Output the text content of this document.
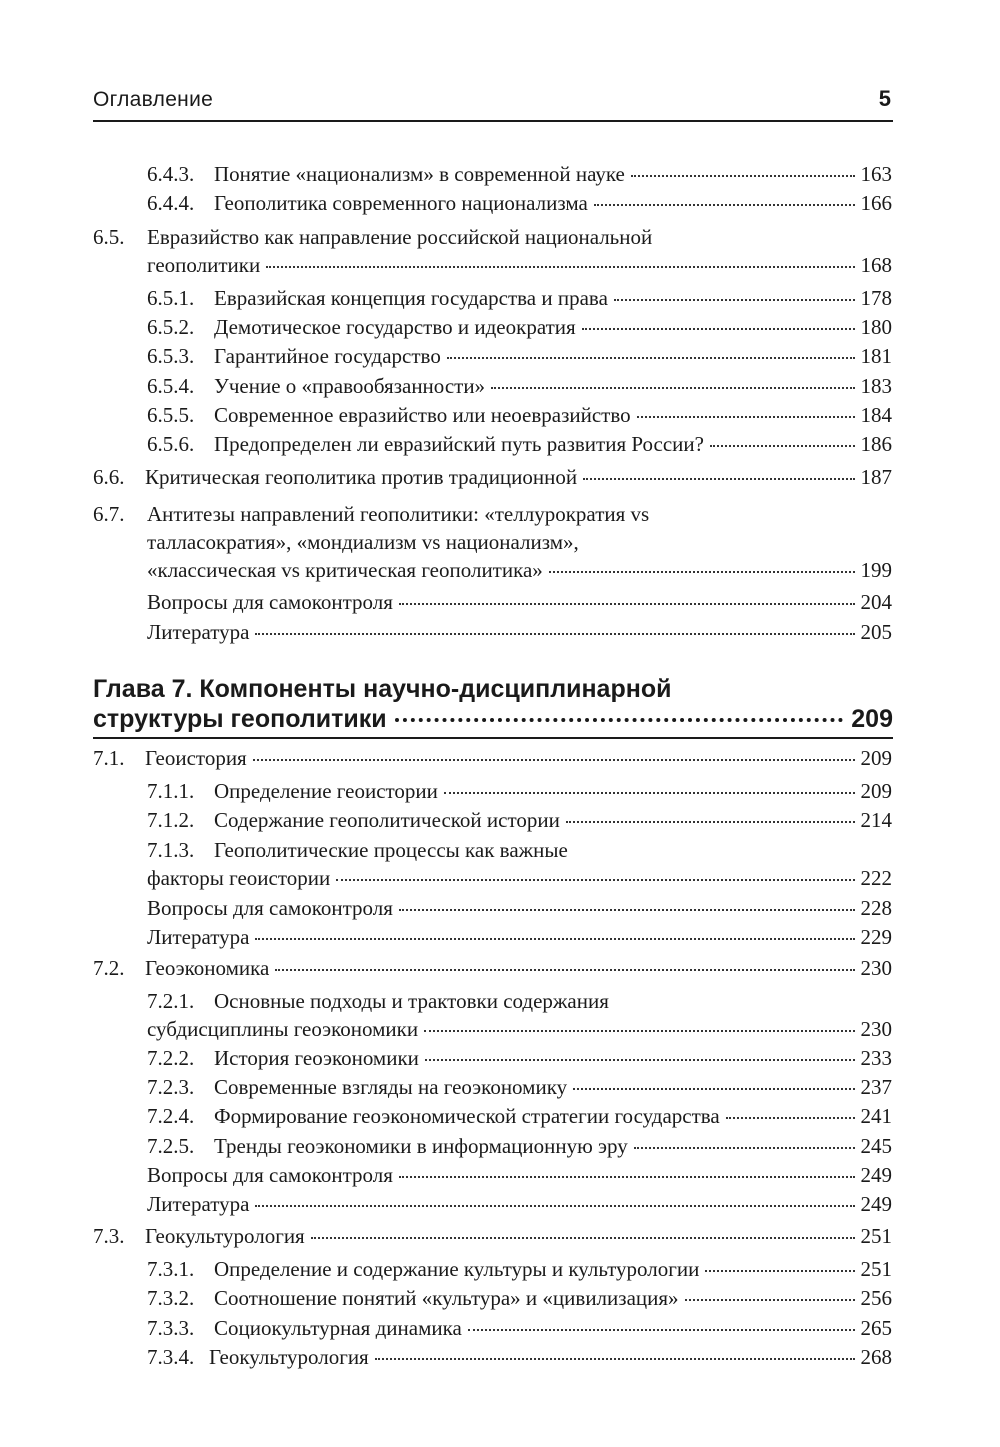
Оглавление	5
6.4.3. Понятие «национализм» в современной науке	163
6.4.4. Геополитика современного национализма	166
6.5. Евразийство как направление российской национальной
геополитики	168
6.5.1. Евразийская концепция государства и права	178
6.5.2. Демотическое государство и идеократия	180
6.5.3. Гарантийное государство	181
6.5.4. Учение о «правообязанности»	183
6.5.5. Современное евразийство или неоевразийство	184
6.5.6. Предопределен ли евразийский путь развития России?	186
6.6. Критическая геополитика против традиционной	187
6.7. Антитезы направлений геополитики: «теллурократия vs
талласократия», «мондиализм vs национализм»,
«классическая vs критическая геополитика»	199
Вопросы для самоконтроля	204
Литература	205
Глава 7. Компоненты научно-дисциплинарной
структуры геополитики	209
7.1. Геоистория	209
7.1.1. Определение геоистории	209
7.1.2. Содержание геополитической истории	214
7.1.3. Геополитические процессы как важные
факторы геоистории	222
Вопросы для самоконтроля	228
Литература	229
7.2. Геоэкономика	230
7.2.1. Основные подходы и трактовки содержания
субдисциплины геоэкономики	230
7.2.2. История геоэкономики	233
7.2.3. Современные взгляды на геоэкономику	237
7.2.4. Формирование геоэкономической стратегии государства	241
7.2.5. Тренды геоэкономики в информационную эру	245
Вопросы для самоконтроля	249
Литература	249
7.3. Геокультурология	251
7.3.1. Определение и содержание культуры и культурологии	251
7.3.2. Соотношение понятий «культура» и «цивилизация»	256
7.3.3. Социокультурная динамика	265
7.3.4. Геокультурология	268
